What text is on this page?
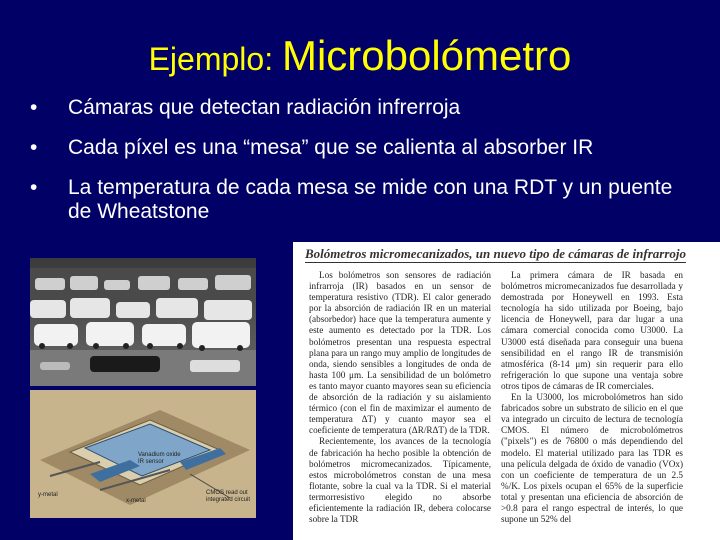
Ejemplo: Microbolómetro
• Cámaras que detectan radiación infrerroja
• Cada píxel es una “mesa” que se calienta al absorber IR
• La temperatura de cada mesa se mide con una RDT y un puente de Wheatstone
Vanadium oxide IR sensor
y-metal
x-metal
CMOS read out integrated circuit
Bolómetros micromecanizados, un nuevo tipo de cámaras de infrarrojo

Los bolómetros son sensores de radiación infrarroja (IR) basados en un sensor de temperatura resistivo (TDR). El calor generado por la absorción de radiación IR en un material (absorbedor) hace que la temperatura aumente y este aumento es detectado por la TDR. Los bolómetros presentan una respuesta espectral plana para un rango muy amplio de longitudes de onda, siendo sensibles a longitudes de onda de hasta 100 μm. La sensibilidad de un bolómetro es tanto mayor cuanto mayores sean su eficiencia de absorción de la radiación y su aislamiento térmico (con el fin de maximizar el aumento de temperatura ΔT) y cuanto mayor sea el coeficiente de temperatura (ΔR/RΔT) de la TDR.

Recientemente, los avances de la tecnología de fabricación ha hecho posible la obtención de bolómetros micromecanizados. Típicamente, estos microbolómetros constan de una mesa flotante, sobre la cual va la TDR. Si el material termorresistivo elegido no absorbe eficientemente la radiación IR, debera colocarse sobre la TDR

La primera cámara de IR basada en bolómetros micromecanizados fue desarrollada y demostrada por Honeywell en 1993. Esta tecnología ha sido utilizada por Boeing, bajo licencia de Honeywell, para dar lugar a una cámara comercial conocida como U3000. La U3000 está diseñada para conseguir una buena sensibilidad en el rango IR de transmisión atmosférica (8-14 μm) sin requerir para ello refrigeración lo que supone una ventaja sobre otros tipos de cámaras de IR comerciales.

En la U3000, los microbolómetros han sido fabricados sobre un substrato de silicio en el que va integrado un circuito de lectura de tecnología CMOS. El número de microbolómetros ("pixels") es de 76800 o más dependiendo del modelo. El material utilizado para las TDR es una película delgada de óxido de vanadio (VOx) con un coeficiente de temperatura de un 2.5 %/K. Los pixels ocupan el 65% de la superficie total y presentan una eficiencia de absorción de >0.8 para el rango espectral de interés, lo que supone un 52% del
